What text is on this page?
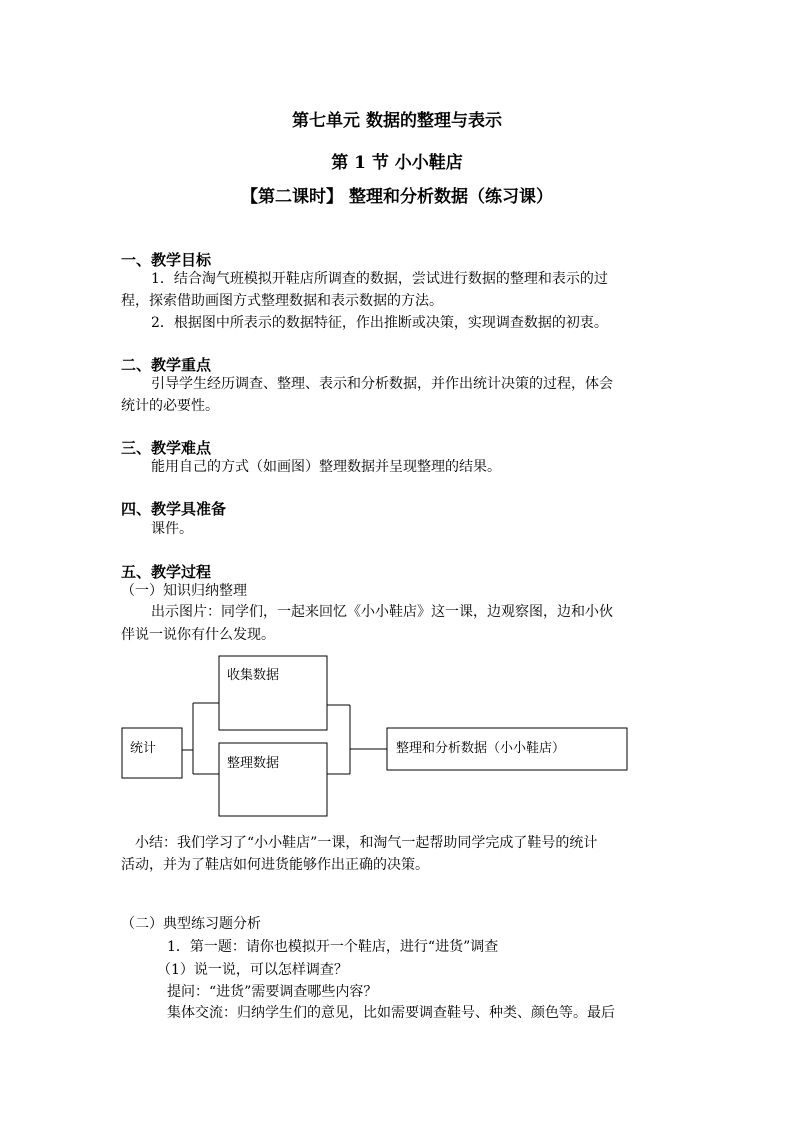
第七单元 数据的整理与表示
第 1 节 小小鞋店
【第二课时】 整理和分析数据（练习课）
一、教学目标
1．结合淘气班模拟开鞋店所调查的数据，尝试进行数据的整理和表示的过
程，探索借助画图方式整理数据和表示数据的方法。
2．根据图中所表示的数据特征，作出推断或决策，实现调查数据的初衷。
二、教学重点
引导学生经历调查、整理、表示和分析数据，并作出统计决策的过程，体会
统计的必要性。
三、教学难点
能用自己的方式（如画图）整理数据并呈现整理的结果。
四、教学具准备
课件。
五、教学过程
（一）知识归纳整理
出示图片：同学们，一起来回忆《小小鞋店》这一课，边观察图，边和小伙
伴说一说你有什么发现。
统计
收集数据
整理数据
整理和分析数据（小小鞋店）
小结：我们学习了“小小鞋店”一课，和淘气一起帮助同学完成了鞋号的统计
活动，并为了鞋店如何进货能够作出正确的决策。
（二）典型练习题分析
1．第一题：请你也模拟开一个鞋店，进行“进货”调查
（1）说一说，可以怎样调查？
提问：“进货”需要调查哪些内容？
集体交流：归纳学生们的意见，比如需要调查鞋号、种类、颜色等。最后
